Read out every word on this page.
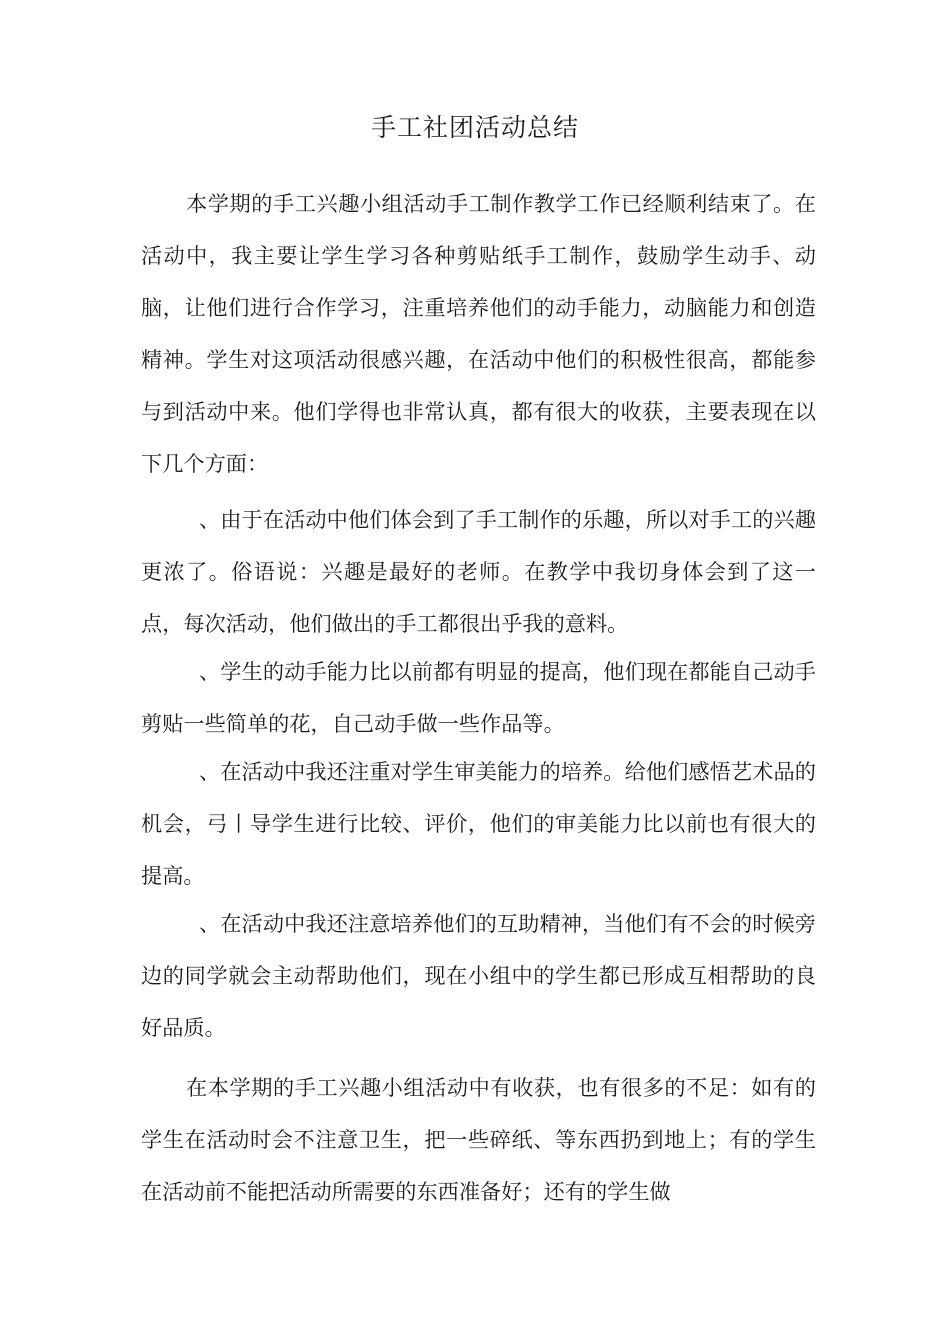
手工社团活动总结

本学期的手工兴趣小组活动手工制作教学工作已经顺利结束了。在活动中，我主要让学生学习各种剪贴纸手工制作，鼓励学生动手、动脑，让他们进行合作学习，注重培养他们的动手能力，动脑能力和创造精神。学生对这项活动很感兴趣，在活动中他们的积极性很高，都能参与到活动中来。他们学得也非常认真，都有很大的收获，主要表现在以下几个方面：

、由于在活动中他们体会到了手工制作的乐趣，所以对手工的兴趣更浓了。俗语说：兴趣是最好的老师。在教学中我切身体会到了这一点，每次活动，他们做出的手工都很出乎我的意料。

、学生的动手能力比以前都有明显的提高，他们现在都能自己动手剪贴一些简单的花，自己动手做一些作品等。

、在活动中我还注重对学生审美能力的培养。给他们感悟艺术品的机会，弓丨导学生进行比较、评价，他们的审美能力比以前也有很大的提高。

、在活动中我还注意培养他们的互助精神，当他们有不会的时候旁边的同学就会主动帮助他们，现在小组中的学生都已形成互相帮助的良好品质。

在本学期的手工兴趣小组活动中有收获，也有很多的不足：如有的学生在活动时会不注意卫生，把一些碎纸、等东西扔到地上；有的学生在活动前不能把活动所需要的东西准备好；还有的学生做
